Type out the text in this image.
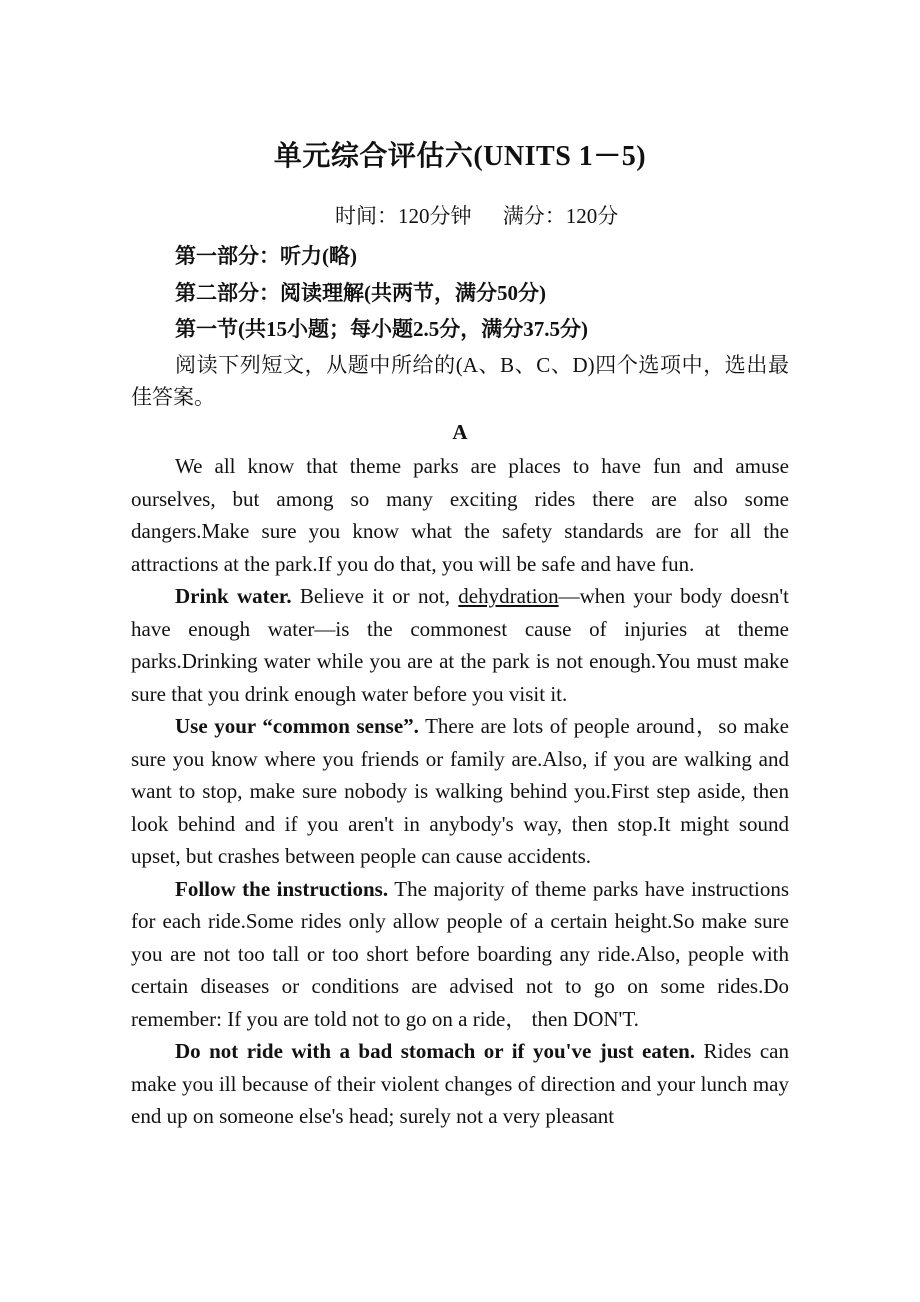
单元综合评估六(UNITS 1－5)
时间：120分钟 满分：120分

第一部分：听力(略)

第二部分：阅读理解(共两节，满分50分)

第一节(共15小题；每小题2.5分，满分37.5分)

阅读下列短文，从题中所给的(A、B、C、D)四个选项中，选出最佳答案。

A

We all know that theme parks are places to have fun and amuse ourselves, but among so many exciting rides there are also some dangers.Make sure you know what the safety standards are for all the attractions at the park.If you do that, you will be safe and have fun.

Drink water. Believe it or not, dehydration—when your body doesn't have enough water—is the commonest cause of injuries at theme parks.Drinking water while you are at the park is not enough.You must make sure that you drink enough water before you visit it.

Use your “common sense”. There are lots of people around，so make sure you know where you friends or family are.Also, if you are walking and want to stop, make sure nobody is walking behind you.First step aside, then look behind and if you aren't in anybody's way, then stop.It might sound upset, but crashes between people can cause accidents.

Follow the instructions. The majority of theme parks have instructions for each ride.Some rides only allow people of a certain height.So make sure you are not too tall or too short before boarding any ride.Also, people with certain diseases or conditions are advised not to go on some rides.Do remember: If you are told not to go on a ride， then DON'T.

Do not ride with a bad stomach or if you've just eaten. Rides can make you ill because of their violent changes of direction and your lunch may end up on someone else's head; surely not a very pleasant
